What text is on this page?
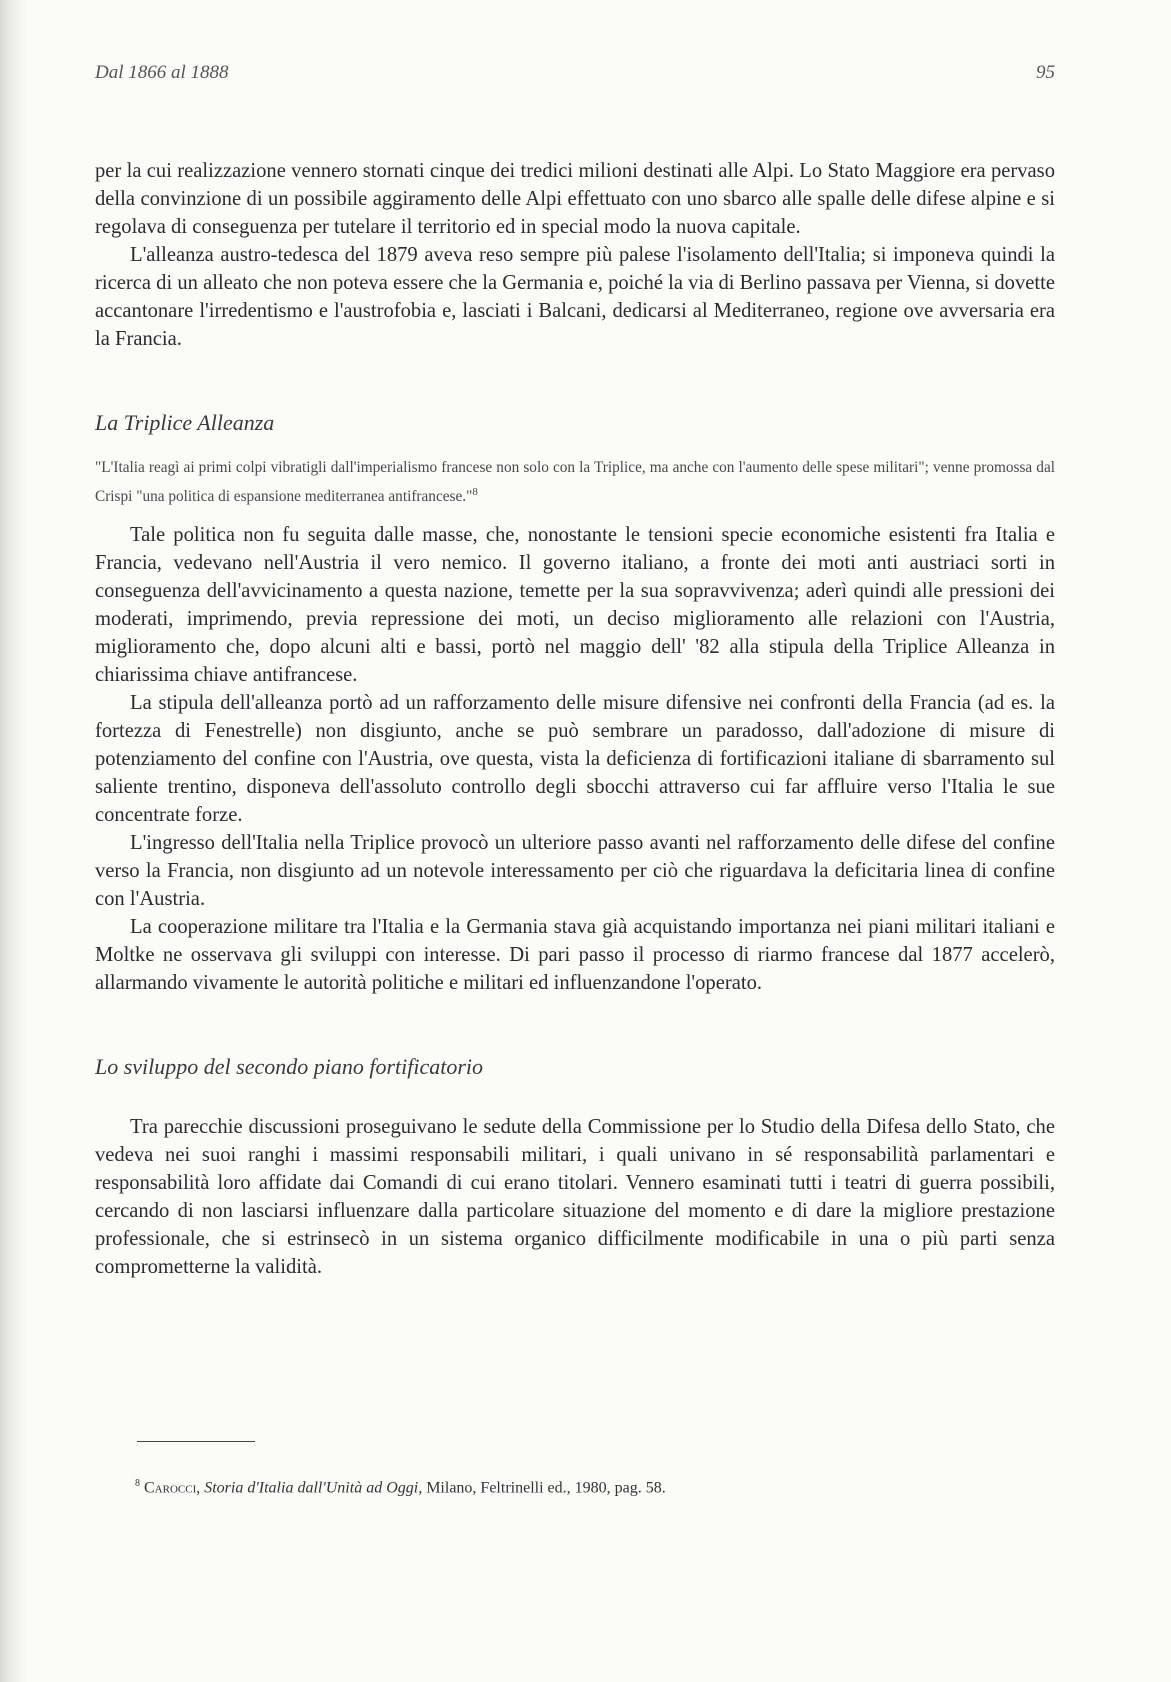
Dal 1866 al 1888	95

per la cui realizzazione vennero stornati cinque dei tredici milioni destinati alle Alpi. Lo Stato Maggiore era pervaso della convinzione di un possibile aggiramento delle Alpi effettuato con uno sbarco alle spalle delle difese alpine e si regolava di conseguenza per tutelare il territorio ed in special modo la nuova capitale.

L'alleanza austro-tedesca del 1879 aveva reso sempre più palese l'isolamento dell'Italia; si imponeva quindi la ricerca di un alleato che non poteva essere che la Germania e, poiché la via di Berlino passava per Vienna, si dovette accantonare l'irredentismo e l'austrofobia e, lasciati i Balcani, dedicarsi al Mediterraneo, regione ove avversaria era la Francia.

La Triplice Alleanza

"L'Italia reagì ai primi colpi vibratigli dall'imperialismo francese non solo con la Triplice, ma anche con l'aumento delle spese militari"; venne promossa dal Crispi "una politica di espansione mediterranea antifrancese."$^8$

Tale politica non fu seguita dalle masse, che, nonostante le tensioni specie economiche esistenti fra Italia e Francia, vedevano nell'Austria il vero nemico. Il governo italiano, a fronte dei moti anti austriaci sorti in conseguenza dell'avvicinamento a questa nazione, temette per la sua sopravvivenza; aderì quindi alle pressioni dei moderati, imprimendo, previa repressione dei moti, un deciso miglioramento alle relazioni con l'Austria, miglioramento che, dopo alcuni alti e bassi, portò nel maggio dell' '82 alla stipula della Triplice Alleanza in chiarissima chiave antifrancese.

La stipula dell'alleanza portò ad un rafforzamento delle misure difensive nei confronti della Francia (ad es. la fortezza di Fenestrelle) non disgiunto, anche se può sembrare un paradosso, dall'adozione di misure di potenziamento del confine con l'Austria, ove questa, vista la deficienza di fortificazioni italiane di sbarramento sul saliente trentino, disponeva dell'assoluto controllo degli sbocchi attraverso cui far affluire verso l'Italia le sue concentrate forze.

L'ingresso dell'Italia nella Triplice provocò un ulteriore passo avanti nel rafforzamento delle difese del confine verso la Francia, non disgiunto ad un notevole interessamento per ciò che riguardava la deficitaria linea di confine con l'Austria.

La cooperazione militare tra l'Italia e la Germania stava già acquistando importanza nei piani militari italiani e Moltke ne osservava gli sviluppi con interesse. Di pari passo il processo di riarmo francese dal 1877 accelerò, allarmando vivamente le autorità politiche e militari ed influenzandone l'operato.

Lo sviluppo del secondo piano fortificatorio

Tra parecchie discussioni proseguivano le sedute della Commissione per lo Studio della Difesa dello Stato, che vedeva nei suoi ranghi i massimi responsabili militari, i quali univano in sé responsabilità parlamentari e responsabilità loro affidate dai Comandi di cui erano titolari. Vennero esaminati tutti i teatri di guerra possibili, cercando di non lasciarsi influenzare dalla particolare situazione del momento e di dare la migliore prestazione professionale, che si estrinsecò in un sistema organico difficilmente modificabile in una o più parti senza comprometterne la validità.

$^8$ Carocci, Storia d'Italia dall'Unità ad Oggi, Milano, Feltrinelli ed., 1980, pag. 58.
